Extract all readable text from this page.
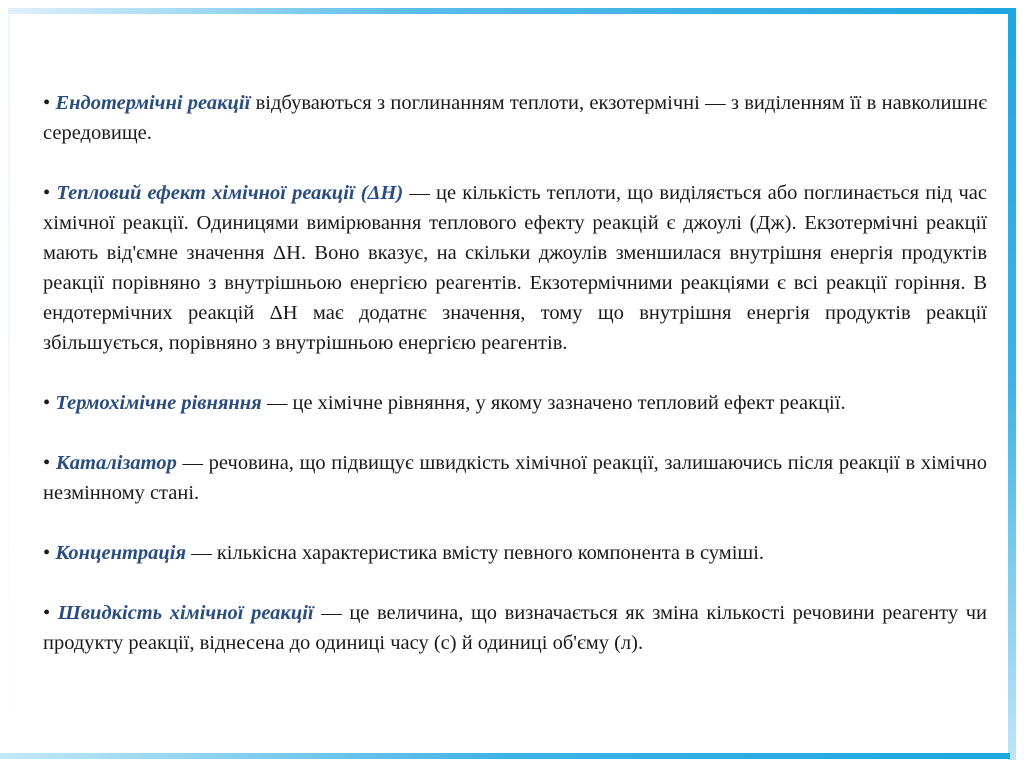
• Ендотермічні реакції відбуваються з поглинанням теплоти, екзотермічні — з виділенням її в навколишнє середовище.

• Тепловий ефект хімічної реакції (ΔH) — це кількість теплоти, що виділяється або поглинається під час хімічної реакції. Одиницями вимірювання теплового ефекту реакцій є джоулі (Дж). Екзотермічні реакції мають від'ємне значення ΔH. Воно вказує, на скільки джоулів зменшилася внутрішня енергія продуктів реакції порівняно з внутрішньою енергією реагентів. Екзотермічними реакціями є всі реакції горіння. В ендотермічних реакцій ΔH має додатнє значення, тому що внутрішня енергія продуктів реакції збільшується, порівняно з внутрішньою енергією реагентів.

• Термохімічне рівняння — це хімічне рівняння, у якому зазначено тепловий ефект реакції.

• Каталізатор — речовина, що підвищує швидкість хімічної реакції, залишаючись після реакції в хімічно незмінному стані.

• Концентрація — кількісна характеристика вмісту певного компонента в суміші.

• Швидкість хімічної реакції — це величина, що визначається як зміна кількості речовини реагенту чи продукту реакції, віднесена до одиниці часу (с) й одиниці об'єму (л).
